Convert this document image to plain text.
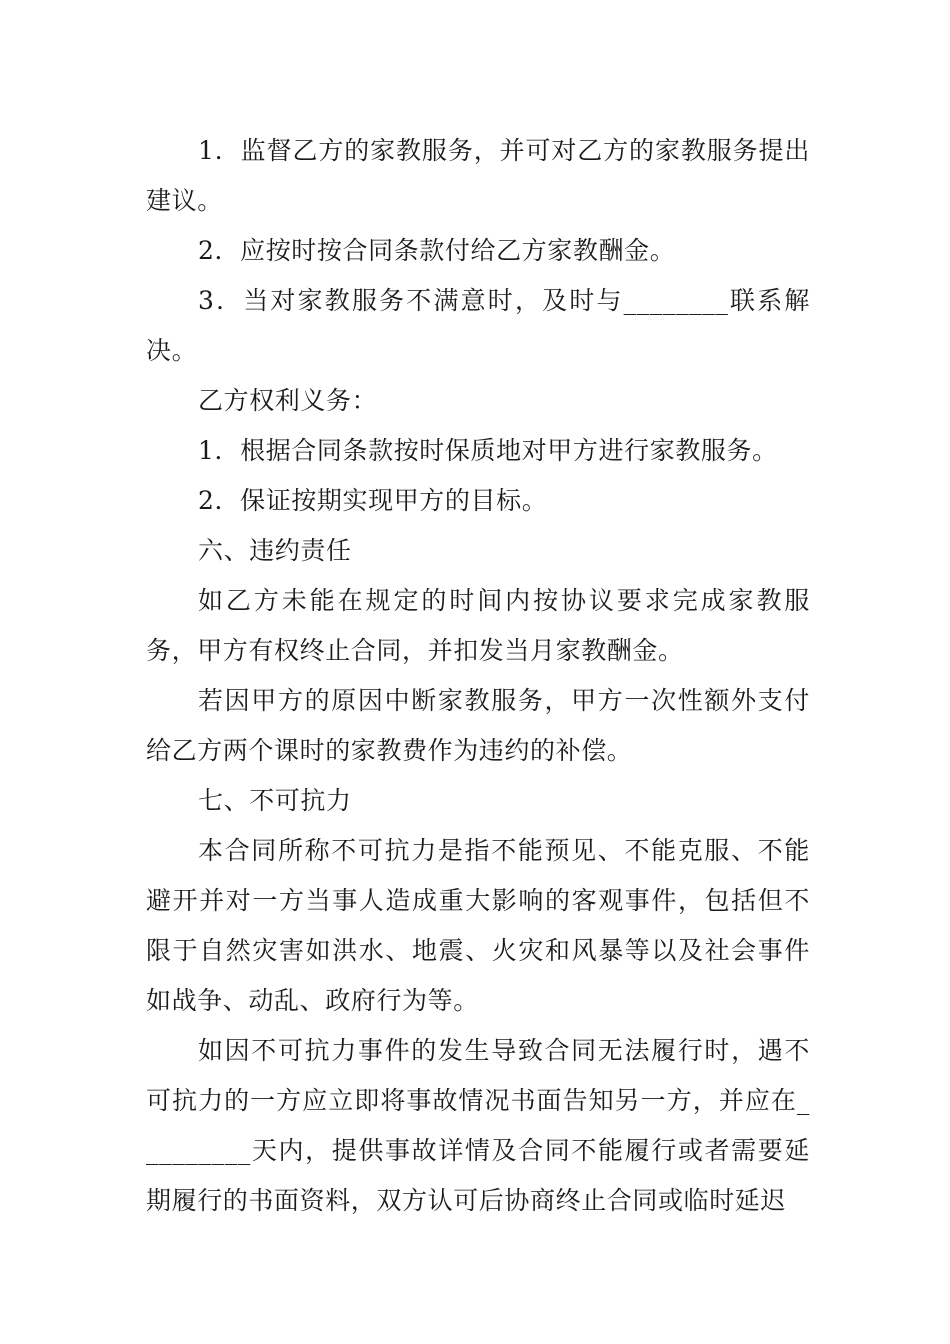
1．监督乙方的家教服务，并可对乙方的家教服务提出建议。

2．应按时按合同条款付给乙方家教酬金。

3．当对家教服务不满意时，及时与________联系解决。

乙方权利义务：

1．根据合同条款按时保质地对甲方进行家教服务。

2．保证按期实现甲方的目标。

六、违约责任

如乙方未能在规定的时间内按协议要求完成家教服务，甲方有权终止合同，并扣发当月家教酬金。

若因甲方的原因中断家教服务，甲方一次性额外支付给乙方两个课时的家教费作为违约的补偿。

七、不可抗力

本合同所称不可抗力是指不能预见、不能克服、不能避开并对一方当事人造成重大影响的客观事件，包括但不限于自然灾害如洪水、地震、火灾和风暴等以及社会事件如战争、动乱、政府行为等。

如因不可抗力事件的发生导致合同无法履行时，遇不可抗力的一方应立即将事故情况书面告知另一方，并应在_________天内，提供事故详情及合同不能履行或者需要延期履行的书面资料，双方认可后协商终止合同或临时延迟
